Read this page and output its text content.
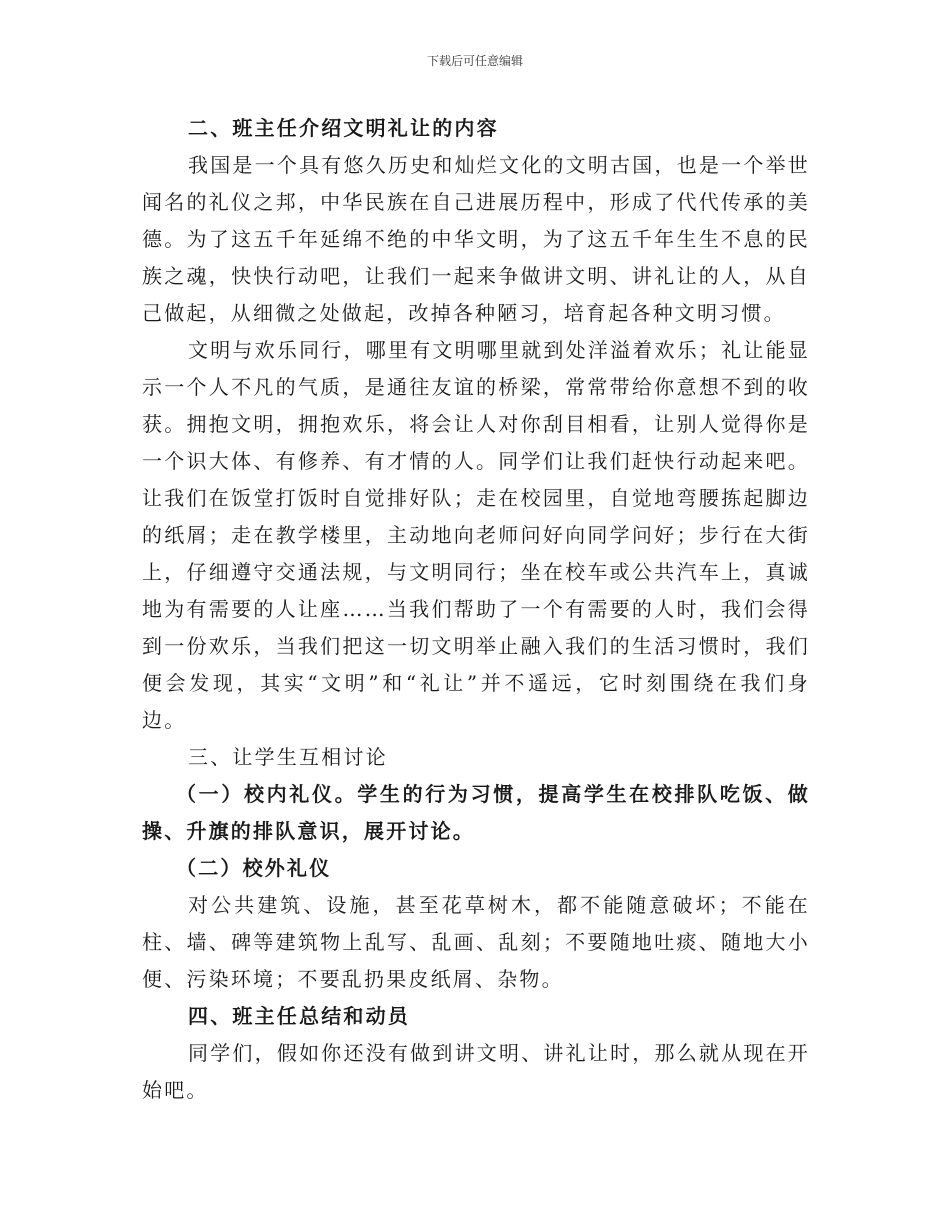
下载后可任意编辑

二、班主任介绍文明礼让的内容

我国是一个具有悠久历史和灿烂文化的文明古国，也是一个举世闻名的礼仪之邦，中华民族在自己进展历程中，形成了代代传承的美德。为了这五千年延绵不绝的中华文明，为了这五千年生生不息的民族之魂，快快行动吧，让我们一起来争做讲文明、讲礼让的人，从自己做起，从细微之处做起，改掉各种陋习，培育起各种文明习惯。

文明与欢乐同行，哪里有文明哪里就到处洋溢着欢乐；礼让能显示一个人不凡的气质，是通往友谊的桥梁，常常带给你意想不到的收获。拥抱文明，拥抱欢乐，将会让人对你刮目相看，让别人觉得你是一个识大体、有修养、有才情的人。同学们让我们赶快行动起来吧。让我们在饭堂打饭时自觉排好队；走在校园里，自觉地弯腰拣起脚边的纸屑；走在教学楼里，主动地向老师问好向同学问好；步行在大街上，仔细遵守交通法规，与文明同行；坐在校车或公共汽车上，真诚地为有需要的人让座……当我们帮助了一个有需要的人时，我们会得到一份欢乐，当我们把这一切文明举止融入我们的生活习惯时，我们便会发现，其实“文明”和“礼让”并不遥远，它时刻围绕在我们身边。

三、让学生互相讨论

（一）校内礼仪。学生的行为习惯，提高学生在校排队吃饭、做操、升旗的排队意识，展开讨论。

（二）校外礼仪

对公共建筑、设施，甚至花草树木，都不能随意破坏；不能在柱、墙、碑等建筑物上乱写、乱画、乱刻；不要随地吐痰、随地大小便、污染环境；不要乱扔果皮纸屑、杂物。

四、班主任总结和动员

同学们，假如你还没有做到讲文明、讲礼让时，那么就从现在开始吧。
